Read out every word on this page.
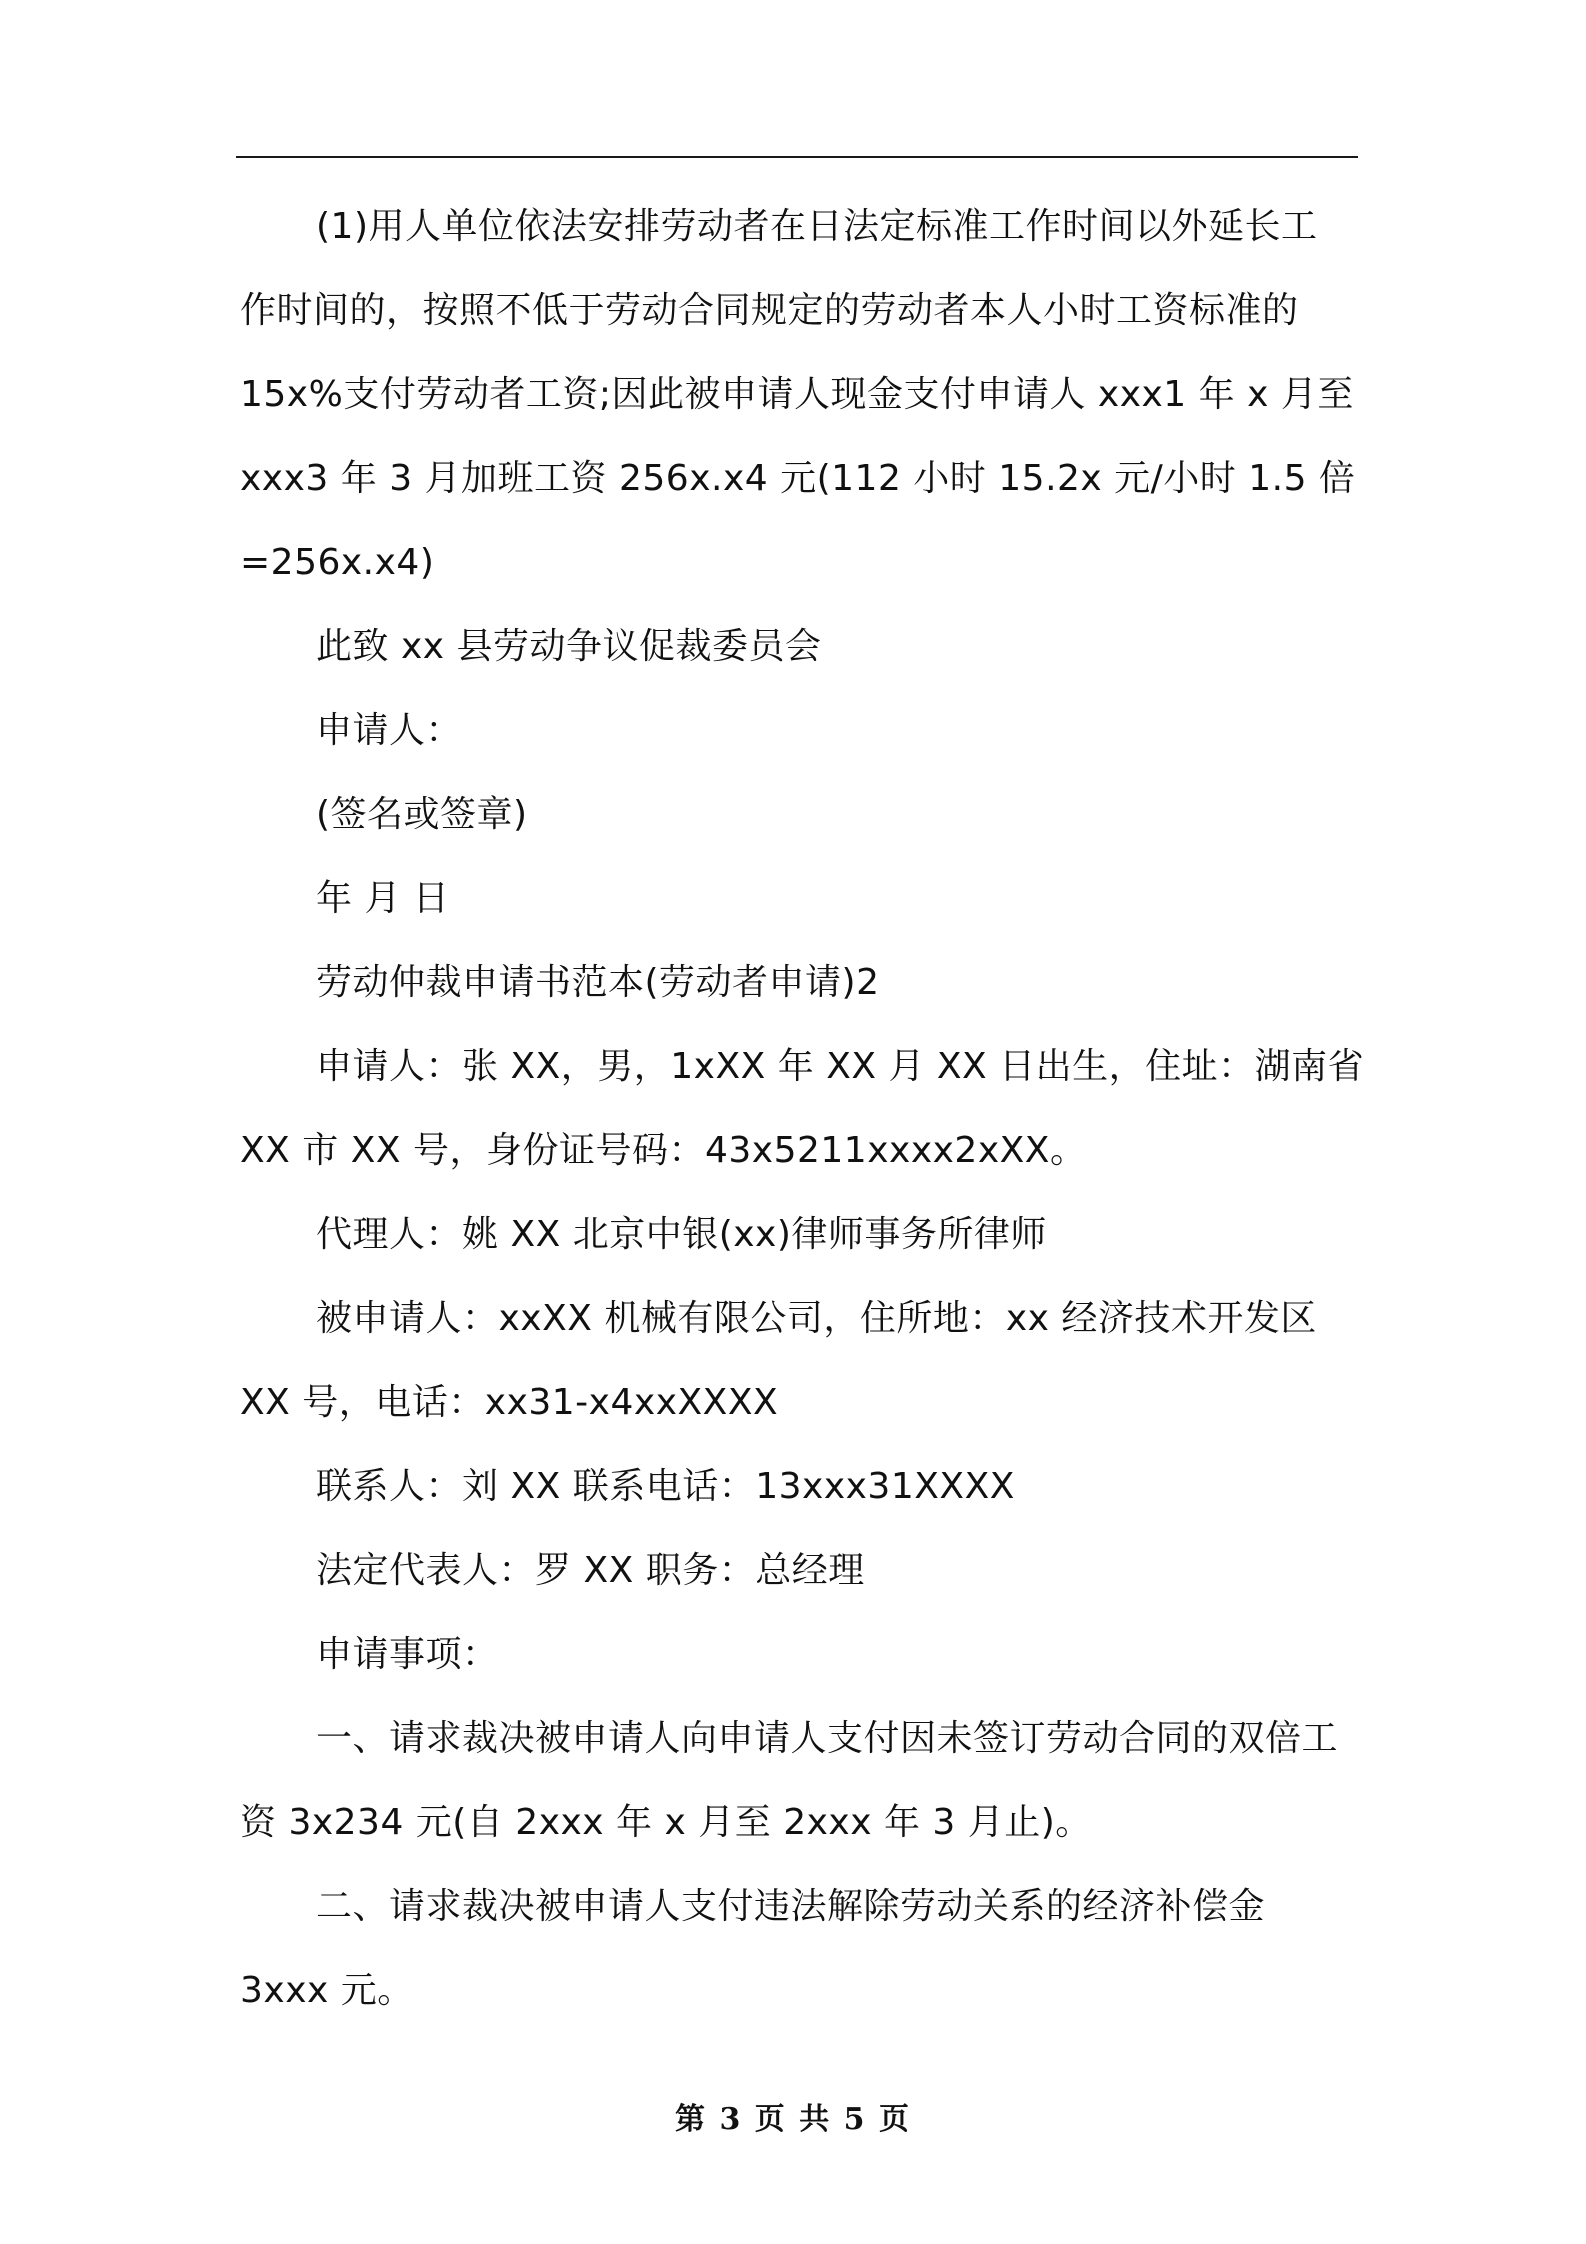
(1)用人单位依法安排劳动者在日法定标准工作时间以外延长工

作时间的，按照不低于劳动合同规定的劳动者本人小时工资标准的

15x%支付劳动者工资;因此被申请人现金支付申请人 xxx1 年 x 月至

xxx3 年 3 月加班工资 256x.x4 元(112 小时 15.2x 元/小时 1.5 倍

=256x.x4)

此致 xx 县劳动争议促裁委员会

申请人：

(签名或签章)

年 月 日

劳动仲裁申请书范本(劳动者申请)2

申请人：张 XX，男，1xXX 年 XX 月 XX 日出生，住址：湖南省

XX 市 XX 号，身份证号码：43x5211xxxx2xXX。

代理人：姚 XX 北京中银(xx)律师事务所律师

被申请人：xxXX 机械有限公司，住所地：xx 经济技术开发区

XX 号，电话：xx31-x4xxXXXX

联系人：刘 XX 联系电话：13xxx31XXXX

法定代表人：罗 XX 职务：总经理

申请事项：

一、请求裁决被申请人向申请人支付因未签订劳动合同的双倍工

资 3x234 元(自 2xxx 年 x 月至 2xxx 年 3 月止)。

二、请求裁决被申请人支付违法解除劳动关系的经济补偿金

3xxx 元。

第 3 页 共 5 页
